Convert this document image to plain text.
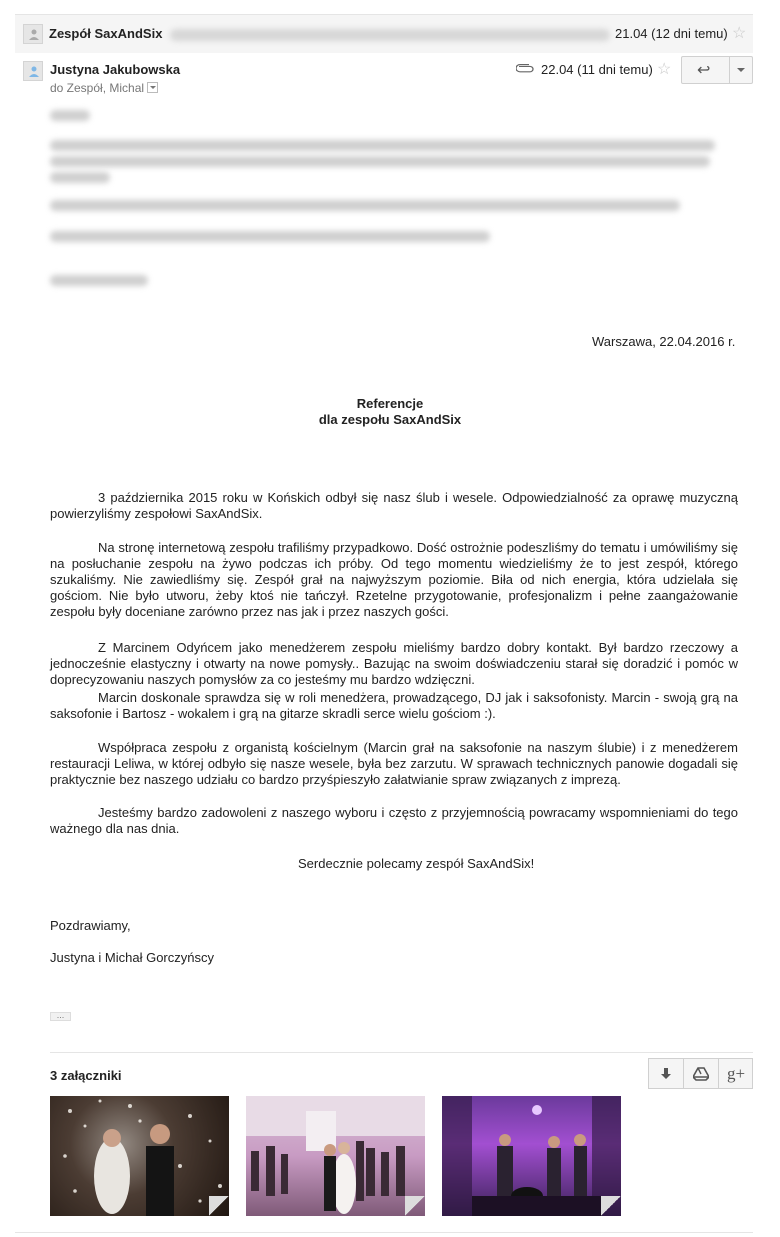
Zespół SaxAndSix	21.04 (12 dni temu) ☆
Justyna Jakubowska
do Zespół, Michal
22.04 (11 dni temu) ☆ ↩
Warszawa, 22.04.2016 r.
Referencje
dla zespołu SaxAndSix
3 października 2015 roku w Końskich odbył się nasz ślub i wesele. Odpowiedzialność za oprawę muzyczną powierzyliśmy zespołowi SaxAndSix.
Na stronę internetową zespołu trafiliśmy przypadkowo. Dość ostrożnie podeszliśmy do tematu i umówiliśmy się na posłuchanie zespołu na żywo podczas ich próby. Od tego momentu wiedzieliśmy że to jest zespół, którego szukaliśmy. Nie zawiedliśmy się. Zespół grał na najwyższym poziomie. Biła od nich energia, która udzielała się gościom. Nie było utworu, żeby ktoś nie tańczył. Rzetelne przygotowanie, profesjonalizm i pełne zaangażowanie zespołu były doceniane zarówno przez nas jak i przez naszych gości.
Z Marcinem Odyńcem jako menedżerem zespołu mieliśmy bardzo dobry kontakt. Był bardzo rzeczowy a jednocześnie elastyczny i otwarty na nowe pomysły.. Bazując na swoim doświadczeniu starał się doradzić i pomóc w doprecyzowaniu naszych pomysłów za co jesteśmy mu bardzo wdzięczni.
Marcin doskonale sprawdza się w roli menedżera, prowadzącego, DJ jak i saksofonisty. Marcin - swoją grą na saksofonie i Bartosz - wokalem i grą na gitarze skradli serce wielu gościom :).
Współpraca zespołu z organistą kościelnym (Marcin grał na saksofonie na naszym ślubie) i z menedżerem restauracji Leliwa, w której odbyło się nasze wesele, była bez zarzutu. W sprawach technicznych panowie dogadali się praktycznie bez naszego udziału co bardzo przyśpieszyło załatwianie spraw związanych z imprezą.
Jesteśmy bardzo zadowoleni z naszego wyboru i często z przyjemnością powracamy wspomnieniami do tego ważnego dla nas dnia.
Serdecznie polecamy zespół SaxAndSix!
Pozdrawiamy,
Justyna i Michał Gorczyńscy
...
3 załączniki	g+
